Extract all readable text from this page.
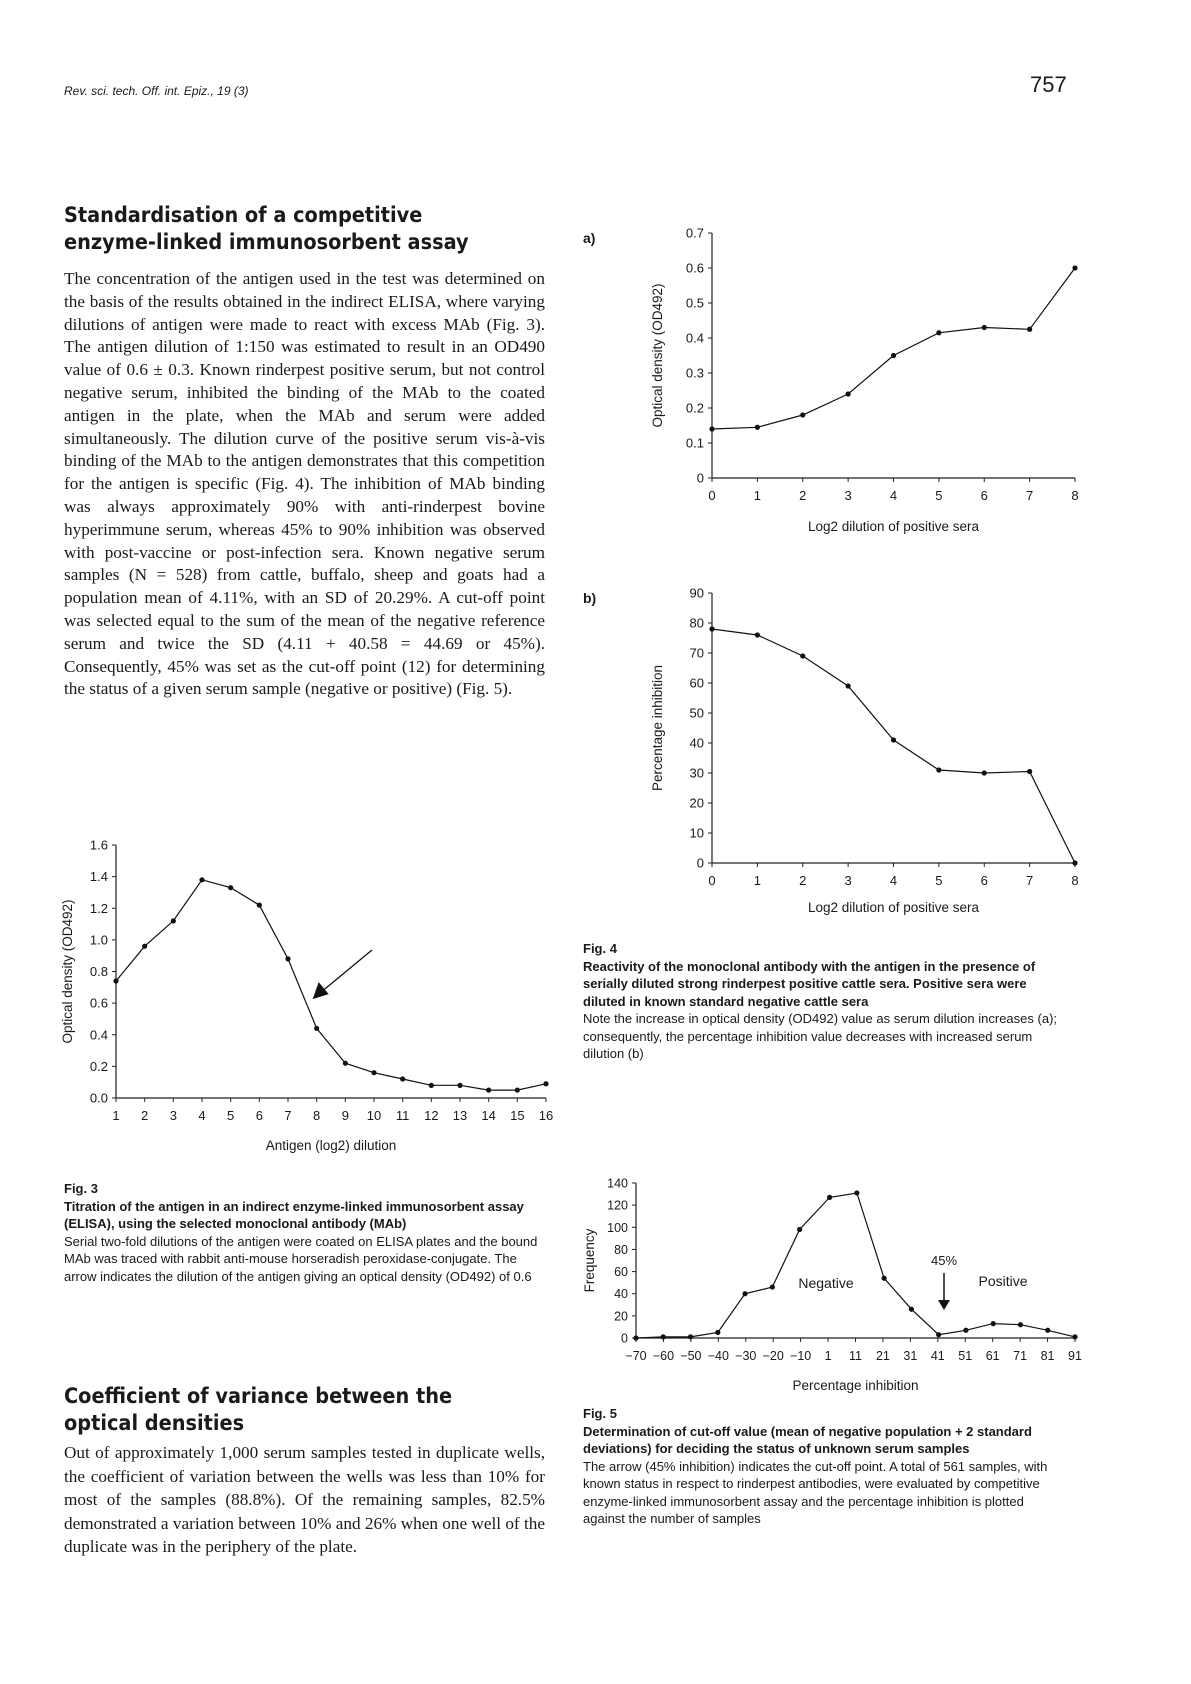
Rev. sci. tech. Off. int. Epiz., 19 (3)	757
Standardisation of a competitive enzyme-linked immunosorbent assay
The concentration of the antigen used in the test was determined on the basis of the results obtained in the indirect ELISA, where varying dilutions of antigen were made to react with excess MAb (Fig. 3). The antigen dilution of 1:150 was estimated to result in an OD490 value of 0.6 ± 0.3. Known rinderpest positive serum, but not control negative serum, inhibited the binding of the MAb to the coated antigen in the plate, when the MAb and serum were added simultaneously. The dilution curve of the positive serum vis-à-vis binding of the MAb to the antigen demonstrates that this competition for the antigen is specific (Fig. 4). The inhibition of MAb binding was always approximately 90% with anti-rinderpest bovine hyperimmune serum, whereas 45% to 90% inhibition was observed with post-vaccine or post-infection sera. Known negative serum samples (N = 528) from cattle, buffalo, sheep and goats had a population mean of 4.11%, with an SD of 20.29%. A cut-off point was selected equal to the sum of the mean of the negative reference serum and twice the SD (4.11 + 40.58 = 44.69 or 45%). Consequently, 45% was set as the cut-off point (12) for determining the status of a given serum sample (negative or positive) (Fig. 5).
Coefficient of variance between the optical densities
Out of approximately 1,000 serum samples tested in duplicate wells, the coefficient of variation between the wells was less than 10% for most of the samples (88.8%). Of the remaining samples, 82.5% demonstrated a variation between 10% and 26% when one well of the duplicate was in the periphery of the plate.
a)
b)
Fig. 3
Titration of the antigen in an indirect enzyme-linked immunosorbent assay (ELISA), using the selected monoclonal antibody (MAb)
Serial two-fold dilutions of the antigen were coated on ELISA plates and the bound MAb was traced with rabbit anti-mouse horseradish peroxidase-conjugate. The arrow indicates the dilution of the antigen giving an optical density (OD492) of 0.6
Fig. 4
Reactivity of the monoclonal antibody with the antigen in the presence of serially diluted strong rinderpest positive cattle sera. Positive sera were diluted in known standard negative cattle sera
Note the increase in optical density (OD492) value as serum dilution increases (a); consequently, the percentage inhibition value decreases with increased serum dilution (b)
Fig. 5
Determination of cut-off value (mean of negative population + 2 standard deviations) for deciding the status of unknown serum samples
The arrow (45% inhibition) indicates the cut-off point. A total of 561 samples, with known status in respect to rinderpest antibodies, were evaluated by competitive enzyme-linked immunosorbent assay and the percentage inhibition is plotted against the number of samples
0.0
0.2
0.4
0.6
0.8
1.0
1.2
1.4
1.6
1 2 3 4 5 6 7 8 9 10 11 12 13 14 15 16
Antigen (log2) dilution
Optical density (OD492)
0
0.1
0.2
0.3
0.4
0.5
0.6
0.7
0	1	2	3	4	5	6	7	8
Log2 dilution of positive sera
Optical density (OD492)
0
10
20
30
40
50
60
70
80
90
0	1	2	3	4	5	6	7	8
Log2 dilution of positive sera
Percentage inhibition
0
20
40
60
80
100
120
140
−70 −60 −50 −40 −30 −20 −10 1 11 21 31 41 51 61 71 81 91
Percentage inhibition
Frequency	Negative
45%
Positive
